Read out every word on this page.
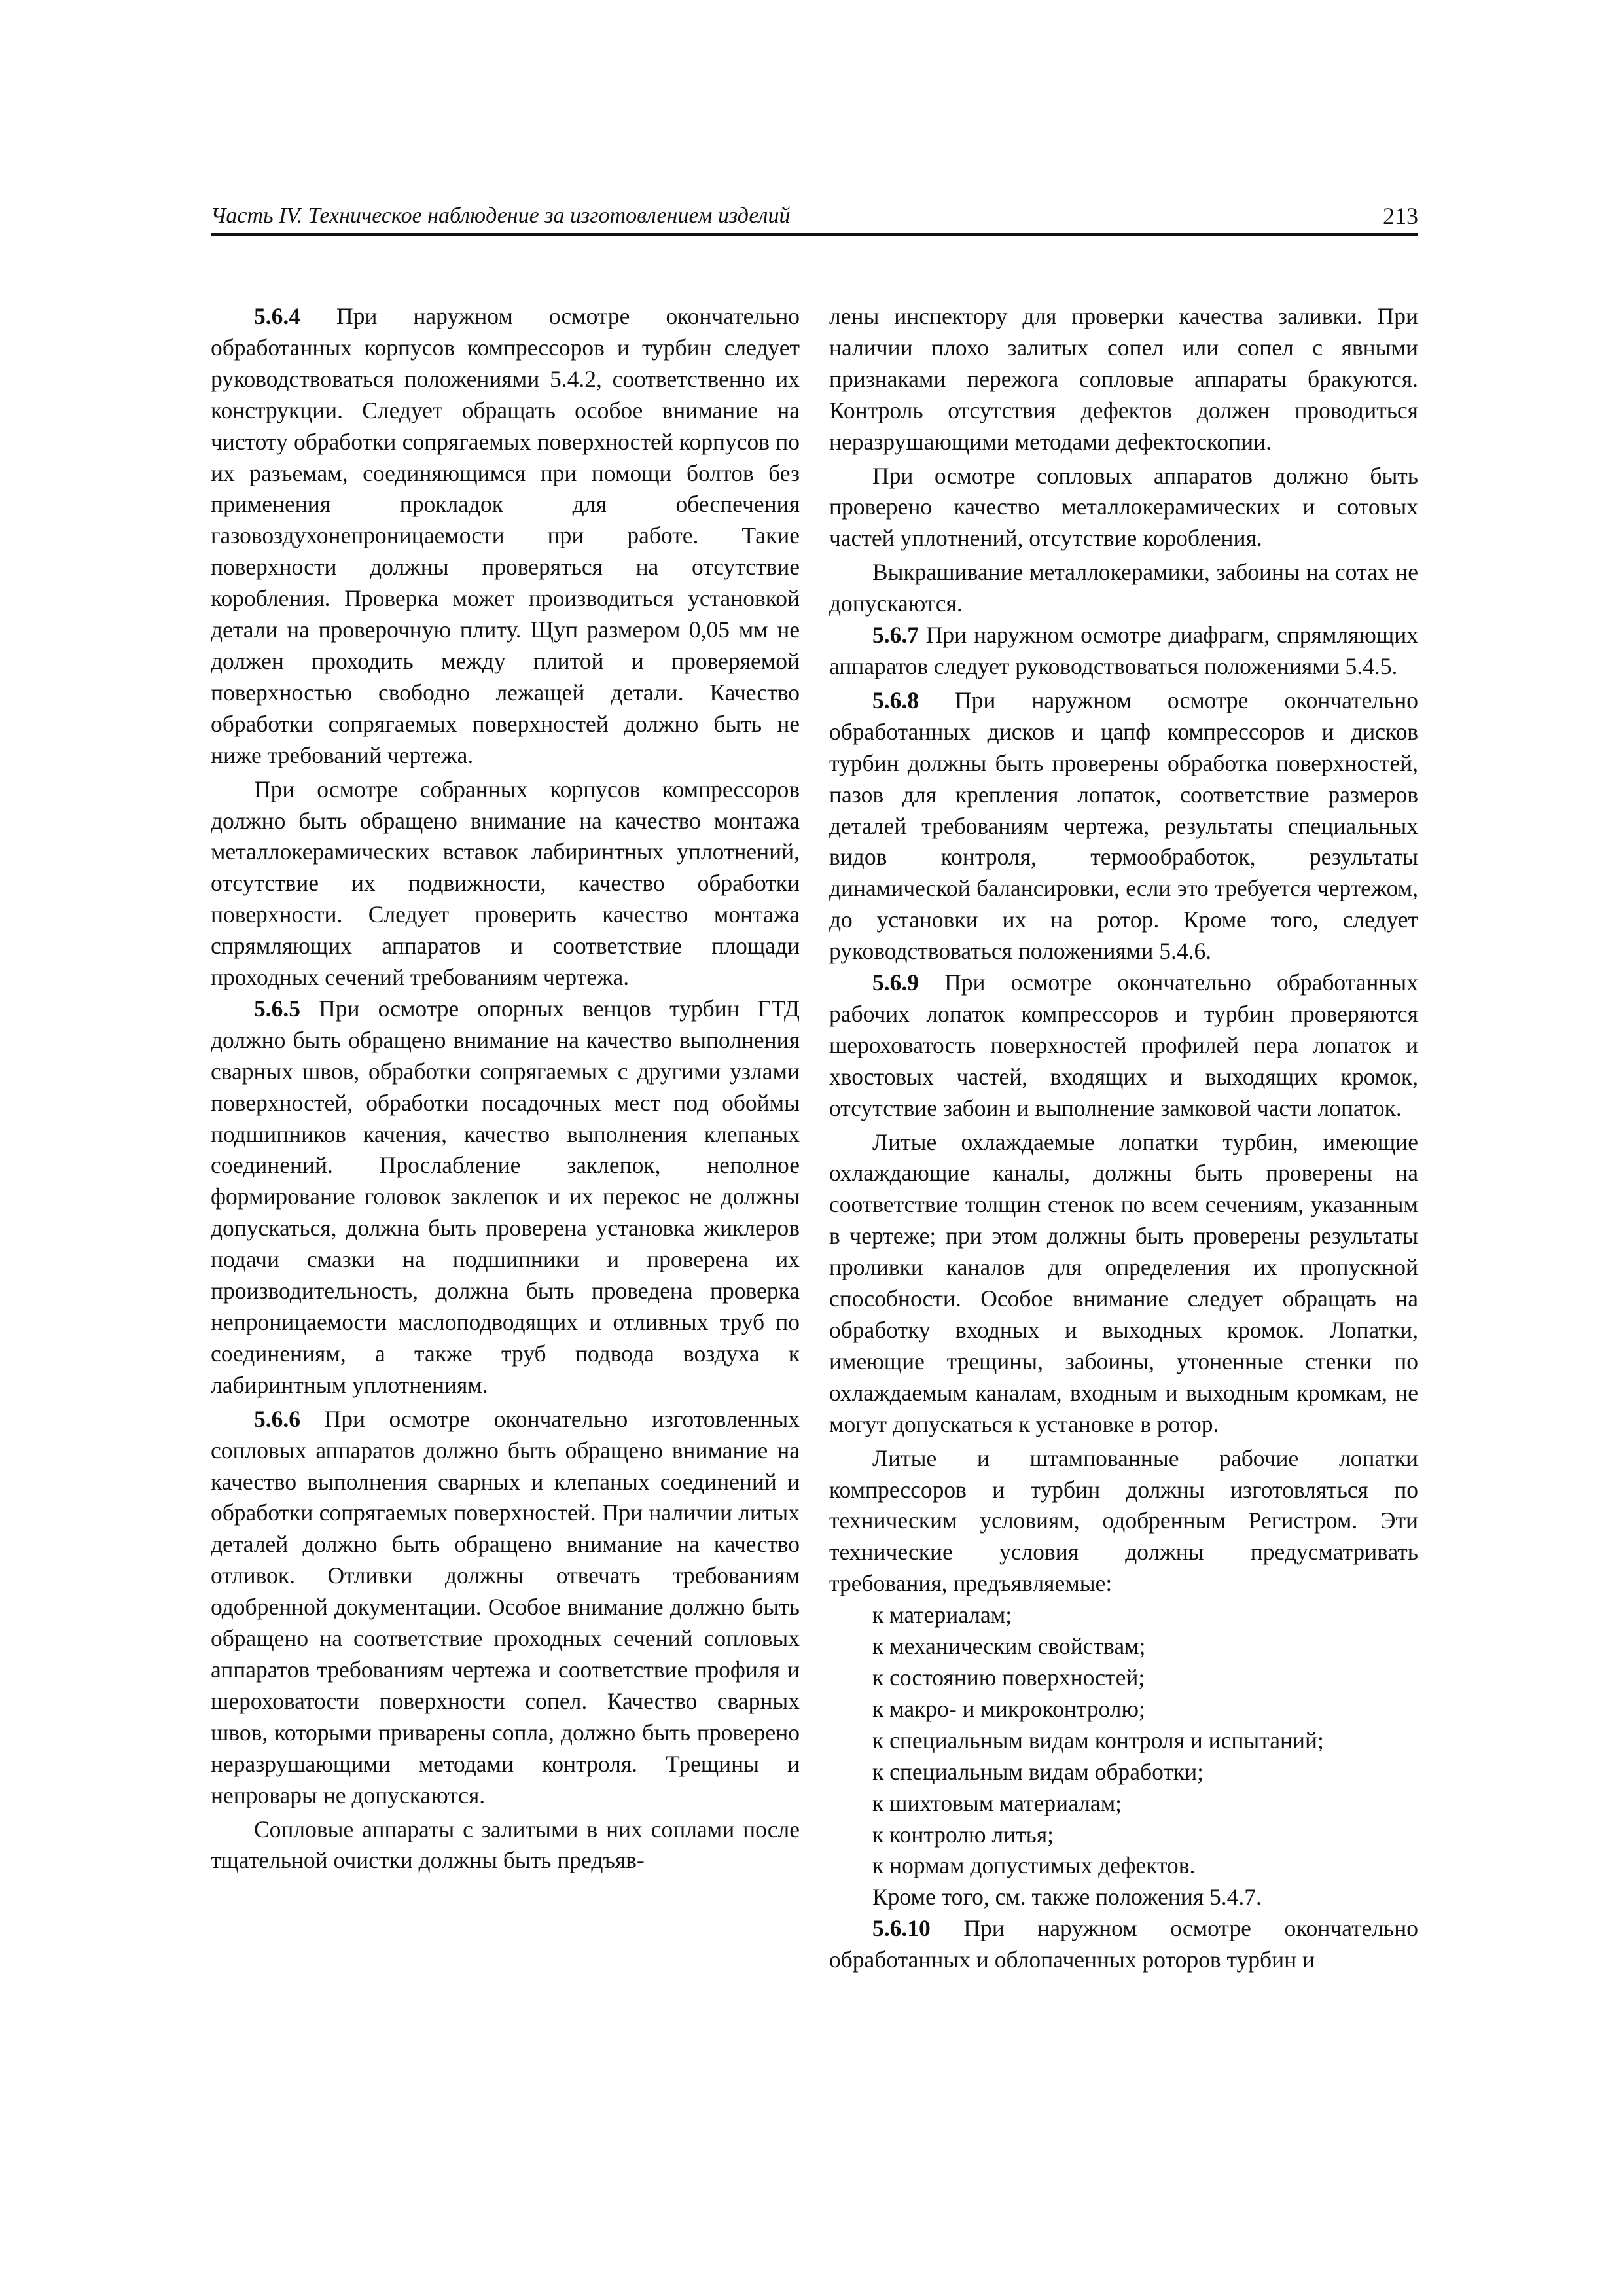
Часть IV. Техническое наблюдение за изготовлением изделий	213

5.6.4 При наружном осмотре окончательно обработанных корпусов компрессоров и турбин следует руководствоваться положениями 5.4.2, соответственно их конструкции. Следует обращать особое внимание на чистоту обработки сопрягаемых поверхностей корпусов по их разъемам, соединяющимся при помощи болтов без применения прокладок для обеспечения газовоздухонепроницаемости при работе. Такие поверхности должны проверяться на отсутствие коробления. Проверка может производиться установкой детали на проверочную плиту. Щуп размером 0,05 мм не должен проходить между плитой и проверяемой поверхностью свободно лежащей детали. Качество обработки сопрягаемых поверхностей должно быть не ниже требований чертежа.

При осмотре собранных корпусов компрессоров должно быть обращено внимание на качество монтажа металлокерамических вставок лабиринтных уплотнений, отсутствие их подвижности, качество обработки поверхности. Следует проверить качество монтажа спрямляющих аппаратов и соответствие площади проходных сечений требованиям чертежа.

5.6.5 При осмотре опорных венцов турбин ГТД должно быть обращено внимание на качество выполнения сварных швов, обработки сопрягаемых с другими узлами поверхностей, обработки посадочных мест под обоймы подшипников качения, качество выполнения клепаных соединений. Прослабление заклепок, неполное формирование головок заклепок и их перекос не должны допускаться, должна быть проверена установка жиклеров подачи смазки на подшипники и проверена их производительность, должна быть проведена проверка непроницаемости маслоподводящих и отливных труб по соединениям, а также труб подвода воздуха к лабиринтным уплотнениям.

5.6.6 При осмотре окончательно изготовленных сопловых аппаратов должно быть обращено внимание на качество выполнения сварных и клепаных соединений и обработки сопрягаемых поверхностей. При наличии литых деталей должно быть обращено внимание на качество отливок. Отливки должны отвечать требованиям одобренной документации. Особое внимание должно быть обращено на соответствие проходных сечений сопловых аппаратов требованиям чертежа и соответствие профиля и шероховатости поверхности сопел. Качество сварных швов, которыми приварены сопла, должно быть проверено неразрушающими методами контроля. Трещины и непровары не допускаются.

Сопловые аппараты с залитыми в них соплами после тщательной очистки должны быть предъяв-

лены инспектору для проверки качества заливки. При наличии плохо залитых сопел или сопел с явными признаками пережога сопловые аппараты бракуются. Контроль отсутствия дефектов должен проводиться неразрушающими методами дефектоскопии.

При осмотре сопловых аппаратов должно быть проверено качество металлокерамических и сотовых частей уплотнений, отсутствие коробления.

Выкрашивание металлокерамики, забоины на сотах не допускаются.

5.6.7 При наружном осмотре диафрагм, спрямляющих аппаратов следует руководствоваться положениями 5.4.5.

5.6.8 При наружном осмотре окончательно обработанных дисков и цапф компрессоров и дисков турбин должны быть проверены обработка поверхностей, пазов для крепления лопаток, соответствие размеров деталей требованиям чертежа, результаты специальных видов контроля, термообработок, результаты динамической балансировки, если это требуется чертежом, до установки их на ротор. Кроме того, следует руководствоваться положениями 5.4.6.

5.6.9 При осмотре окончательно обработанных рабочих лопаток компрессоров и турбин проверяются шероховатость поверхностей профилей пера лопаток и хвостовых частей, входящих и выходящих кромок, отсутствие забоин и выполнение замковой части лопаток.

Литые охлаждаемые лопатки турбин, имеющие охлаждающие каналы, должны быть проверены на соответствие толщин стенок по всем сечениям, указанным в чертеже; при этом должны быть проверены результаты проливки каналов для определения их пропускной способности. Особое внимание следует обращать на обработку входных и выходных кромок. Лопатки, имеющие трещины, забоины, утоненные стенки по охлаждаемым каналам, входным и выходным кромкам, не могут допускаться к установке в ротор.

Литые и штампованные рабочие лопатки компрессоров и турбин должны изготовляться по техническим условиям, одобренным Регистром. Эти технические условия должны предусматривать требования, предъявляемые:

к материалам;
к механическим свойствам;
к состоянию поверхностей;
к макро- и микроконтролю;
к специальным видам контроля и испытаний;
к специальным видам обработки;
к шихтовым материалам;
к контролю литья;
к нормам допустимых дефектов.

Кроме того, см. также положения 5.4.7.

5.6.10 При наружном осмотре окончательно обработанных и облопаченных роторов турбин и
